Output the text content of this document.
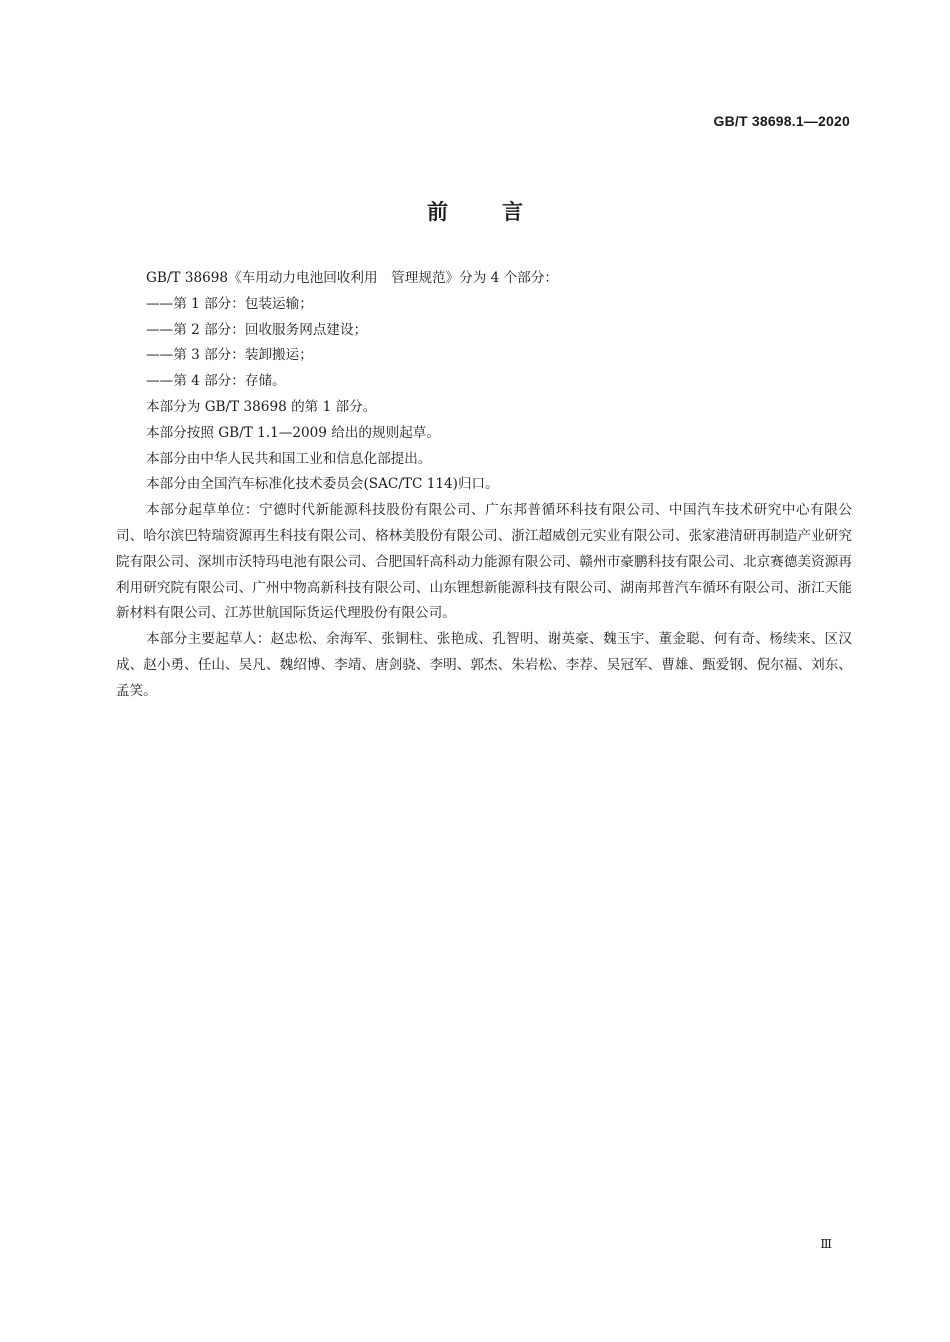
GB/T 38698.1—2020
前言

GB/T 38698《车用动力电池回收利用　管理规范》分为 4 个部分：

——第 1 部分：包装运输；

——第 2 部分：回收服务网点建设；

——第 3 部分：装卸搬运；

——第 4 部分：存储。

本部分为 GB/T 38698 的第 1 部分。

本部分按照 GB/T 1.1—2009 给出的规则起草。

本部分由中华人民共和国工业和信息化部提出。

本部分由全国汽车标准化技术委员会(SAC/TC 114)归口。

本部分起草单位：宁德时代新能源科技股份有限公司、广东邦普循环科技有限公司、中国汽车技术研究中心有限公司、哈尔滨巴特瑞资源再生科技有限公司、格林美股份有限公司、浙江超威创元实业有限公司、张家港清研再制造产业研究院有限公司、深圳市沃特玛电池有限公司、合肥国轩高科动力能源有限公司、赣州市豪鹏科技有限公司、北京赛德美资源再利用研究院有限公司、广州中物高新科技有限公司、山东锂想新能源科技有限公司、湖南邦普汽车循环有限公司、浙江天能新材料有限公司、江苏世航国际货运代理股份有限公司。

本部分主要起草人：赵忠松、余海军、张铜柱、张艳成、孔智明、谢英豪、魏玉宇、董金聪、何有奇、杨续来、区汉成、赵小勇、任山、吴凡、魏绍博、李靖、唐剑骁、李明、郭杰、朱岩松、李荐、吴冠军、曹雄、甄爱钢、倪尔福、刘东、孟笑。

Ⅲ
